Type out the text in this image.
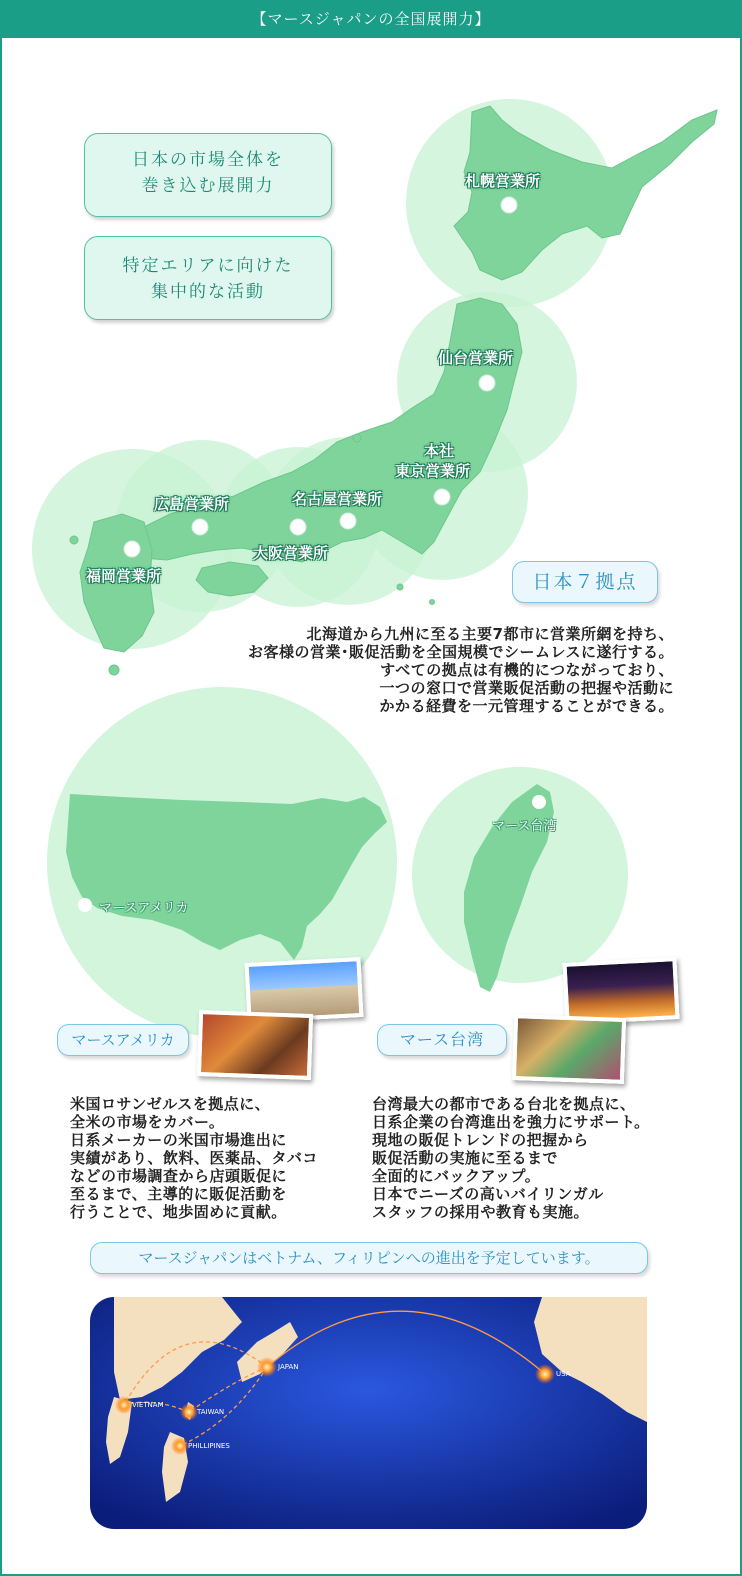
【マースジャパンの全国展開力】
日本の市場全体を
巻き込む展開力
特定エリアに向けた
集中的な活動
札幌営業所
仙台営業所
本社
東京営業所
名古屋営業所
広島営業所
大阪営業所
福岡営業所	日本７拠点
北海道から九州に至る主要7都市に営業所網を持ち、
お客様の営業･販促活動を全国規模でシームレスに遂行する。
すべての拠点は有機的につながっており、
一つの窓口で営業販促活動の把握や活動に
かかる経費を一元管理することができる。
マースアメリカ
マース台湾
マースアメリカ	マース台湾
米国ロサンゼルスを拠点に、
全米の市場をカバー。
日系メーカーの米国市場進出に
実績があり、飲料、医薬品、タバコ
などの市場調査から店頭販促に
至るまで、主導的に販促活動を
行うことで、地歩固めに貢献。
台湾最大の都市である台北を拠点に、
日系企業の台湾進出を強力にサポート。
現地の販促トレンドの把握から
販促活動の実施に至るまで
全面的にバックアップ。
日本でニーズの高いバイリンガル
スタッフの採用や教育も実施。
マースジャパンはベトナム、フィリピンへの進出を予定しています。
JAPAN
VIETNAM
TAIWAN
PHILLIPINES
USA
